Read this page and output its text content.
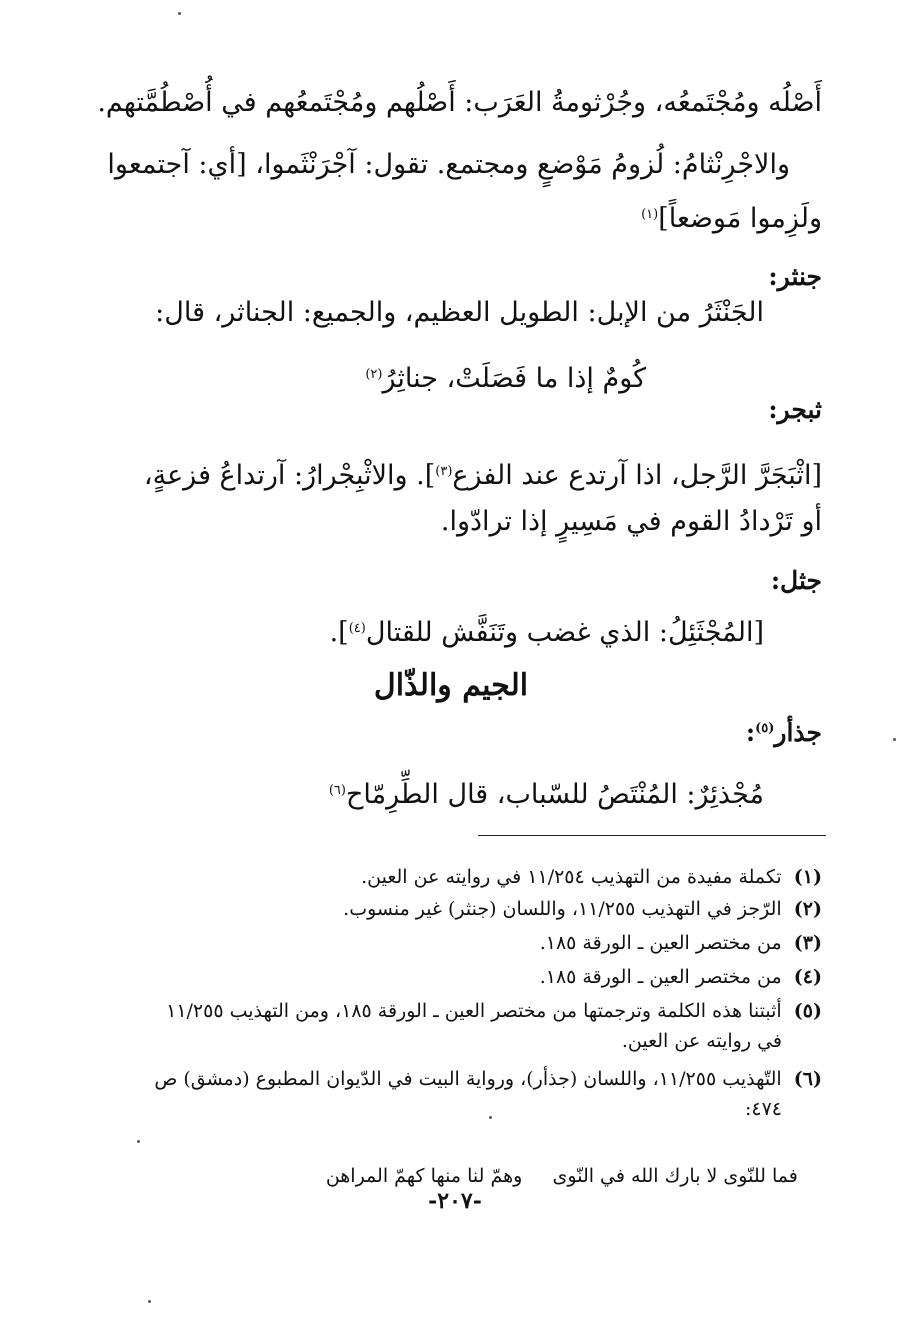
أَصْلُه ومُجْتَمعُه، وجُرْثومةُ العَرَب: أَصْلُهم ومُجْتَمعُهم في أُصْطُمَّتهم.
والاجْرِنْثامُ: لُزومُ مَوْضعٍ ومجتمع. تقول: آجْرَنْثَموا، [أي: آجتمعوا
ولَزِموا مَوضعاً]$^{(١)}$
جنثر:
الجَنْثَرُ من الإبل: الطويل العظيم، والجميع: الجناثر، قال:
كُومٌ إذا ما فَصَلَتْ، جناثِرُ$^{(٢)}$
ثبجر:
[اثْبَجَرَّ الرَّجل، اذا آرتدع عند الفزع$^{(٣)}$]. والاثْبِجْرارُ: آرتداعُ فزعةٍ،
أو تَرْدادُ القوم في مَسِيرٍ إذا ترادّوا.
جثل:
[المُجْثَئِلُ: الذي غضب وتَنَفَّش للقتال$^{(٤)}$].
الجيم والذّال
جذأر$^{(٥)}$:
مُجْذئِرٌ: المُنْتَصُ للسّباب، قال الطِّرِمّاح$^{(٦)}$
(١)  تكملة مفيدة من التهذيب ١١/٢٥٤ في روايته عن العين.
(٢)  الرّجز في التهذيب ١١/٢٥٥، واللسان (جنثر) غير منسوب.
(٣)  من مختصر العين ـ الورقة ١٨٥.
(٤)  من مختصر العين ـ الورقة ١٨٥.
(٥)  أثبتنا هذه الكلمة وترجمتها من مختصر العين ـ الورقة ١٨٥، ومن التهذيب ١١/٢٥٥
في روايته عن العين.
(٦)  التّهذيب ١١/٢٥٥، واللسان (جذأر)، ورواية البيت في الدّيوان المطبوع (دمشق) ص
٤٧٤:

فما للنّوى لا بارك الله في النّوى     وهمّ لنا منها كهمّ المراهن

-٢٠٧-
